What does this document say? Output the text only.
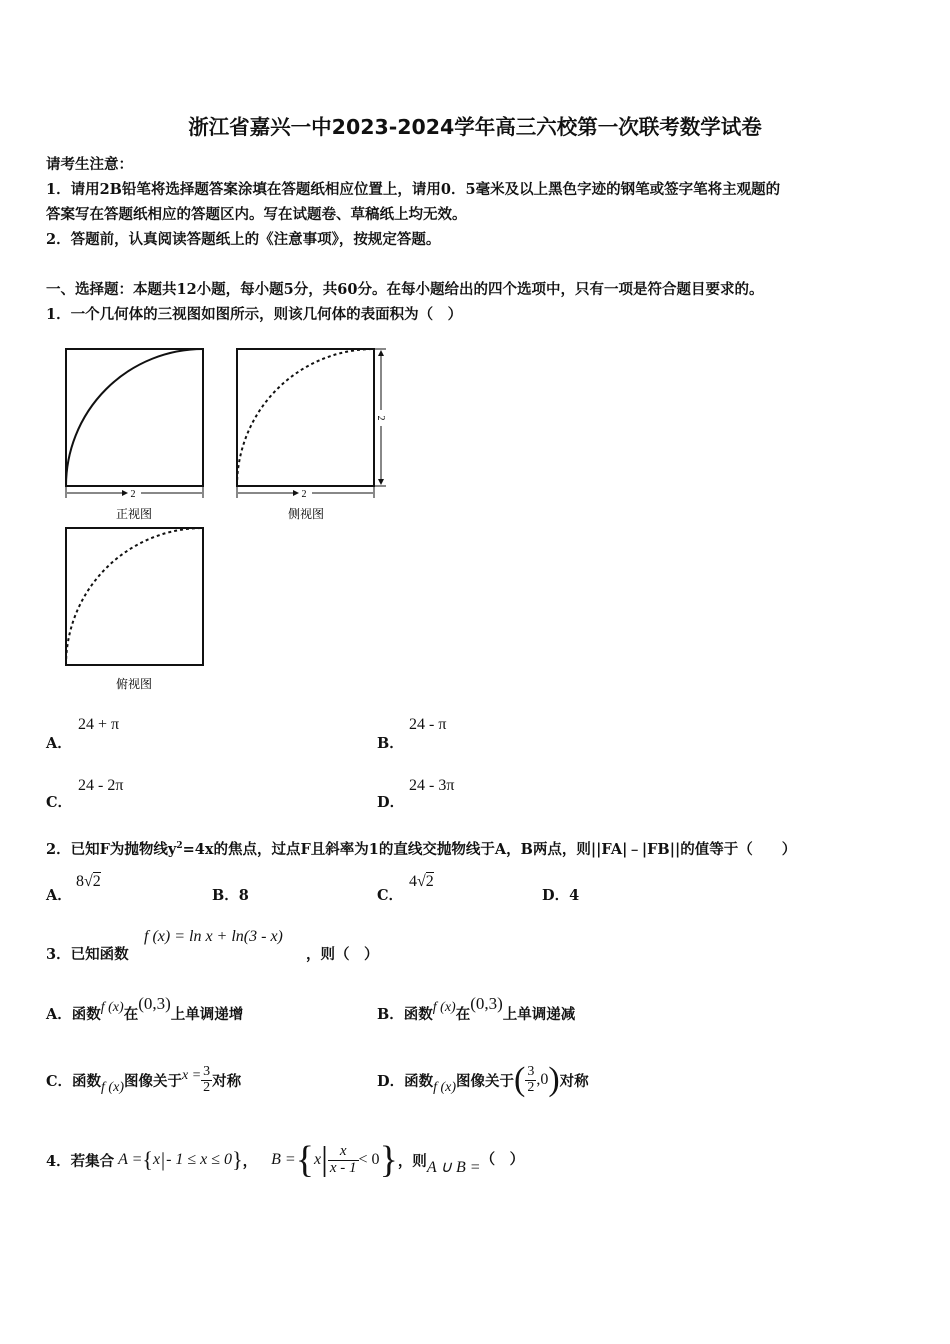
浙江省嘉兴一中2023-2024学年高三六校第一次联考数学试卷
请考生注意：
1．请用2B铅笔将选择题答案涂填在答题纸相应位置上，请用0．5毫米及以上黑色字迹的钢笔或签字笔将主观题的
答案写在答题纸相应的答题区内。写在试题卷、草稿纸上均无效。
2．答题前，认真阅读答题纸上的《注意事项》，按规定答题。
一、选择题：本题共12小题，每小题5分，共60分。在每小题给出的四个选项中，只有一项是符合题目要求的。
1．一个几何体的三视图如图所示，则该几何体的表面积为（　）
2
正视图
2
2
侧视图
俯视图
A．
24 + π
B．
24 - π
C．
24 - 2π
D．
24 - 3π
2．已知F为抛物线$y^2=4x$的焦点，过点F且斜率为1的直线交抛物线于A，B两点，则||FA|﹣|FB||的值等于（　　）
A．
8√2
B．8	C．
4√2
D．4
3．已知函数
f (x) = ln x + ln(3 - x)
，则（　）
A．函数f (x)在(0,3)上单调递增	B．函数f (x)在(0,3)上单调递减
C．函数 f (x) 图像关于 $x = \frac{3}{2}$ 对称	D．函数 f (x) 图像关于 ( $\frac{3}{2} ,0$ ) 对称
4．若集合 A = { x | - 1 ≤ x ≤ 0 } ， B = { x | $\frac{x}{x - 1} < 0$ } ，则 A ∪ B = （　）
